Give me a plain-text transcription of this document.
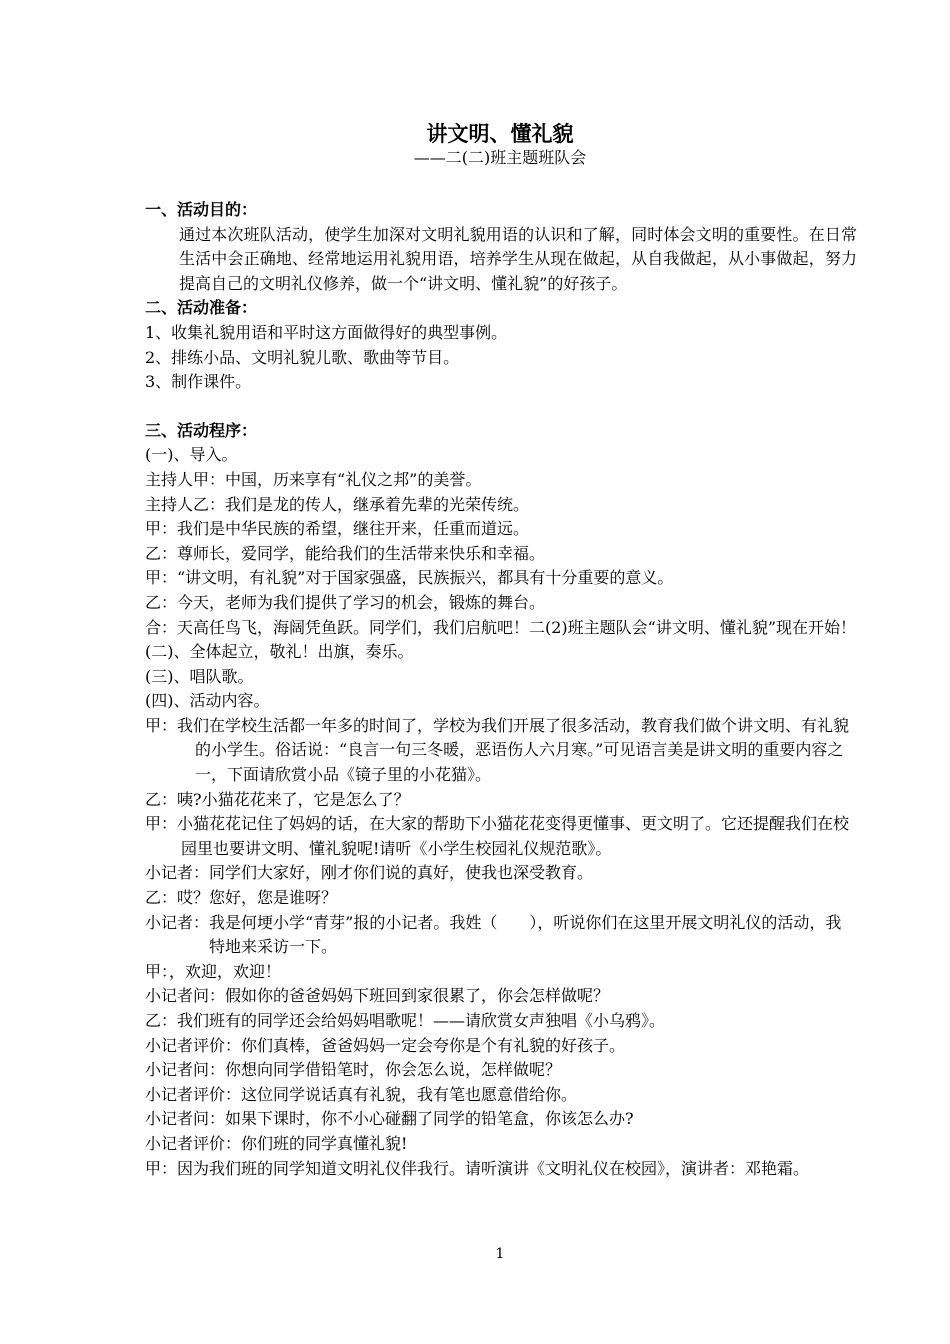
讲文明、懂礼貌
——二(二)班主题班队会
一、活动目的：
通过本次班队活动，使学生加深对文明礼貌用语的认识和了解，同时体会文明的重要性。在日常生活中会正确地、经常地运用礼貌用语，培养学生从现在做起，从自我做起，从小事做起，努力提高自己的文明礼仪修养，做一个“讲文明、懂礼貌”的好孩子。
二、活动准备：
1、收集礼貌用语和平时这方面做得好的典型事例。
2、排练小品、文明礼貌儿歌、歌曲等节目。
3、制作课件。
三、活动程序：
(一)、导入。
主持人甲：中国，历来享有“礼仪之邦”的美誉。
主持人乙：我们是龙的传人，继承着先辈的光荣传统。
甲：我们是中华民族的希望，继往开来，任重而道远。
乙：尊师长，爱同学，能给我们的生活带来快乐和幸福。
甲：“讲文明，有礼貌”对于国家强盛，民族振兴，都具有十分重要的意义。
乙：今天，老师为我们提供了学习的机会，锻炼的舞台。
合：天高任鸟飞，海阔凭鱼跃。同学们，我们启航吧！二(2)班主题队会“讲文明、懂礼貌”现在开始！
(二)、全体起立，敬礼！出旗，奏乐。
(三)、唱队歌。
(四)、活动内容。
甲：我们在学校生活都一年多的时间了，学校为我们开展了很多活动，教育我们做个讲文明、有礼貌的小学生。俗话说：“良言一句三冬暖，恶语伤人六月寒。”可见语言美是讲文明的重要内容之一，下面请欣赏小品《镜子里的小花猫》。
乙：咦?小猫花花来了，它是怎么了？
甲：小猫花花记住了妈妈的话，在大家的帮助下小猫花花变得更懂事、更文明了。它还提醒我们在校园里也要讲文明、懂礼貌呢!请听《小学生校园礼仪规范歌》。
小记者：同学们大家好，刚才你们说的真好，使我也深受教育。
乙：哎？您好，您是谁呀？
小记者：我是何埂小学“青芽”报的小记者。我姓（　　），听说你们在这里开展文明礼仪的活动，我特地来采访一下。
甲：，欢迎，欢迎！
小记者问：假如你的爸爸妈妈下班回到家很累了，你会怎样做呢？
乙：我们班有的同学还会给妈妈唱歌呢！——请欣赏女声独唱《小乌鸦》。
小记者评价：你们真棒，爸爸妈妈一定会夸你是个有礼貌的好孩子。
小记者问：你想向同学借铅笔时，你会怎么说，怎样做呢？
小记者评价：这位同学说话真有礼貌，我有笔也愿意借给你。
小记者问：如果下课时，你不小心碰翻了同学的铅笔盒，你该怎么办?
小记者评价：你们班的同学真懂礼貌!
甲：因为我们班的同学知道文明礼仪伴我行。请听演讲《文明礼仪在校园》，演讲者：邓艳霜。
1
